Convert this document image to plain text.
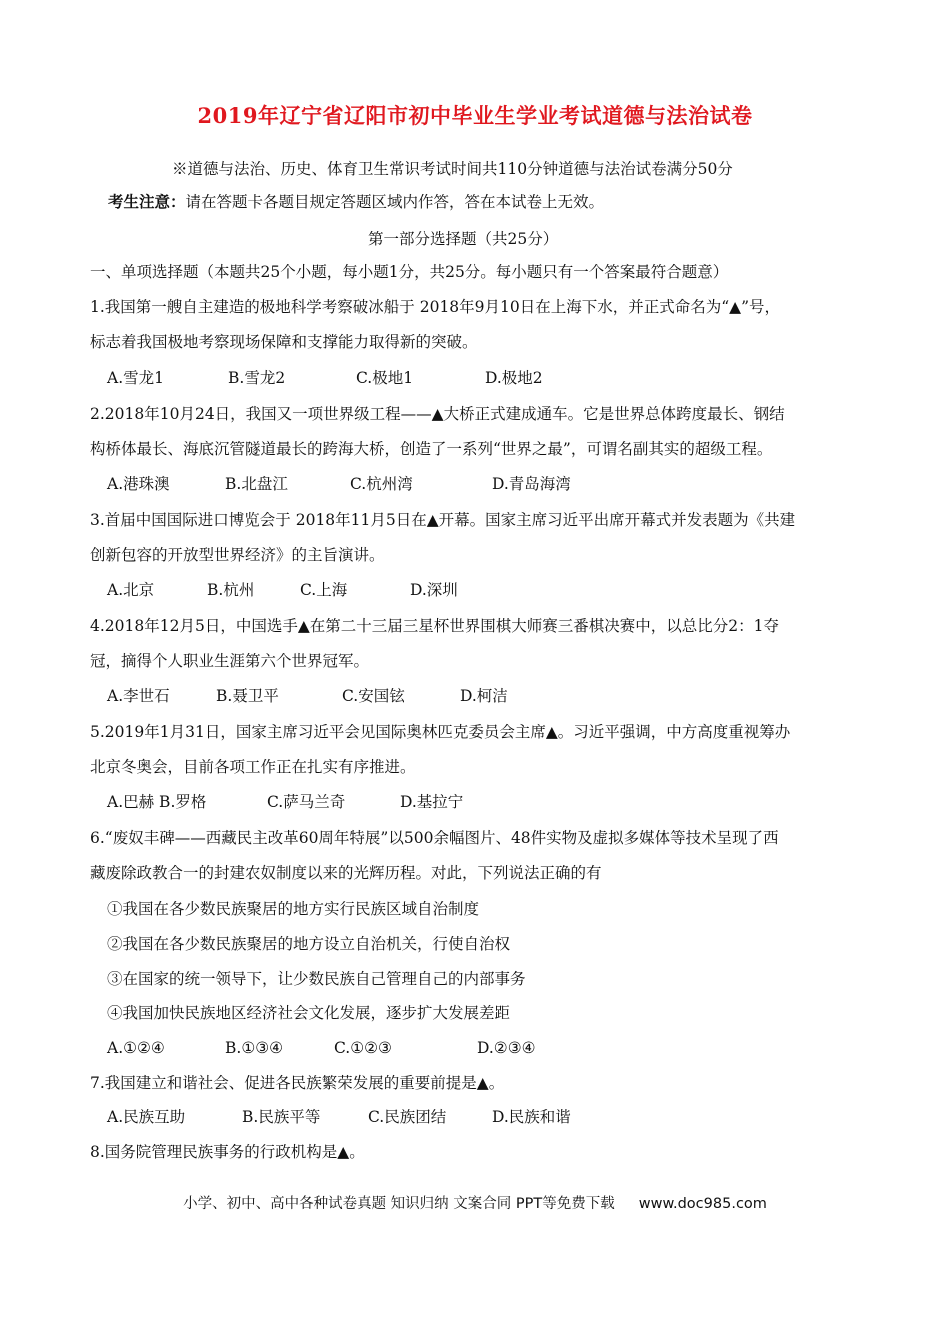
2019年辽宁省辽阳市初中毕业生学业考试道德与法治试卷
※道德与法治、历史、体育卫生常识考试时间共110分钟道德与法治试卷满分50分
考生注意：请在答题卡各题目规定答题区域内作答，答在本试卷上无效。
第一部分选择题（共25分）
一、单项选择题（本题共25个小题，每小题1分，共25分。每小题只有一个答案最符合题意）
1.我国第一艘自主建造的极地科学考察破冰船于 2018年9月10日在上海下水，并正式命名为“▲”号，
标志着我国极地考察现场保障和支撑能力取得新的突破。
A.雪龙1	B.雪龙2	C.极地1	D.极地2
2.2018年10月24日，我国又一项世界级工程——▲大桥正式建成通车。它是世界总体跨度最长、钢结
构桥体最长、海底沉管隧道最长的跨海大桥，创造了一系列“世界之最”，可谓名副其实的超级工程。
A.港珠澳	B.北盘江	C.杭州湾	D.青岛海湾
3.首届中国国际进口博览会于 2018年11月5日在▲开幕。国家主席习近平出席开幕式并发表题为《共建
创新包容的开放型世界经济》的主旨演讲。
A.北京	B.杭州	C.上海	D.深圳
4.2018年12月5日，中国选手▲在第二十三届三星杯世界围棋大师赛三番棋决赛中，以总比分2：1夺
冠，摘得个人职业生涯第六个世界冠军。
A.李世石	B.聂卫平	C.安国铉	D.柯洁
5.2019年1月31日，国家主席习近平会见国际奥林匹克委员会主席▲。习近平强调，中方高度重视筹办
北京冬奥会，目前各项工作正在扎实有序推进。
A.巴赫 B.罗格	C.萨马兰奇	D.基拉宁
6.“废奴丰碑——西藏民主改革60周年特展”以500余幅图片、48件实物及虚拟多媒体等技术呈现了西
藏废除政教合一的封建农奴制度以来的光辉历程。对此，下列说法正确的有
①我国在各少数民族聚居的地方实行民族区域自治制度
②我国在各少数民族聚居的地方设立自治机关，行使自治权
③在国家的统一领导下，让少数民族自己管理自己的内部事务
④我国加快民族地区经济社会文化发展，逐步扩大发展差距
A.①②④	B.①③④	C.①②③	D.②③④
7.我国建立和谐社会、促进各民族繁荣发展的重要前提是▲。
A.民族互助	B.民族平等	C.民族团结	D.民族和谐
8.国务院管理民族事务的行政机构是▲。
小学、初中、高中各种试卷真题 知识归纳 文案合同 PPT等免费下载 www.doc985.com
